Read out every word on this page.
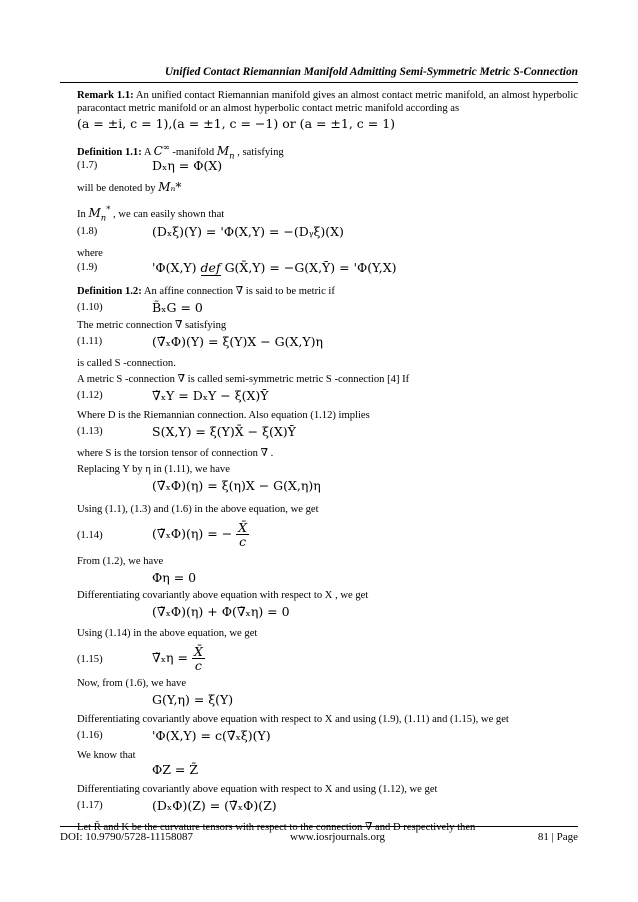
Unified Contact Riemannian Manifold Admitting Semi-Symmetric Metric S-Connection

Remark 1.1: An unified contact Riemannian manifold gives an almost contact metric manifold, an almost hyperbolic paracontact metric manifold or an almost hyperbolic contact metric manifold according as

(a = ±i, c = 1),(a = ±1, c = −1) or (a = ±1, c = 1)
Definition 1.1: A C∞ -manifold $M_n$ , satisfying
(1.7)	Dₓη = Φ(X)
will be denoted by Mₙ*
In $M_n^*$ , we can easily shown that
(1.8)	(Dₓξ)(Y) = 'Φ(X,Y) = −(Dᵧξ)(X)
where
(1.9)	'Φ(X,Y) def G(X̄,Y) = −G(X,Ȳ) = 'Φ(Y,X)
Definition 1.2: An affine connection ∇̃ is said to be metric if
(1.10)	B̃ₓG = 0
The metric connection ∇̃ satisfying
(1.11)	(∇̃ₓΦ)(Y) = ξ(Y)X − G(X,Y)η
is called S -connection.
A metric S -connection ∇̃ is called semi-symmetric metric S -connection [4] If
(1.12)	∇̃ₓY = DₓY − ξ(X)Ȳ
Where D is the Riemannian connection. Also equation (1.12) implies
(1.13)	S(X,Y) = ξ(Y)X̄ − ξ(X)Ȳ
where S is the torsion tensor of connection ∇̃ .
Replacing Y by η in (1.11), we have
(∇̃ₓΦ)(η) = ξ(η)X − G(X,η)η
Using (1.1), (1.3) and (1.6) in the above equation, we get
(1.14)	(∇̃ₓΦ)(η) = − $\frac{X̄}{c}$
From (1.2), we have
Φη = 0
Differentiating covariantly above equation with respect to X , we get
(∇̃ₓΦ)(η) + Φ(∇̃ₓη) = 0
Using (1.14) in the above equation, we get
(1.15)	∇̃ₓη = $\frac{X̄}{c}$
Now, from (1.6), we have
G(Y,η) = ξ(Y)
Differentiating covariantly above equation with respect to X and using (1.9), (1.11) and (1.15), we get
(1.16)	'Φ(X,Y) = c(∇̃ₓξ)(Y)
We know that
ΦZ = Z̄
Differentiating covariantly above equation with respect to X and using (1.12), we get
(1.17)	(DₓΦ)(Z) = (∇̃ₓΦ)(Z)
Let R̃ and K be the curvature tensors with respect to the connection ∇̃ and D respectively then
DOI: 10.9790/5728-11158087	www.iosrjournals.org	81 | Page
